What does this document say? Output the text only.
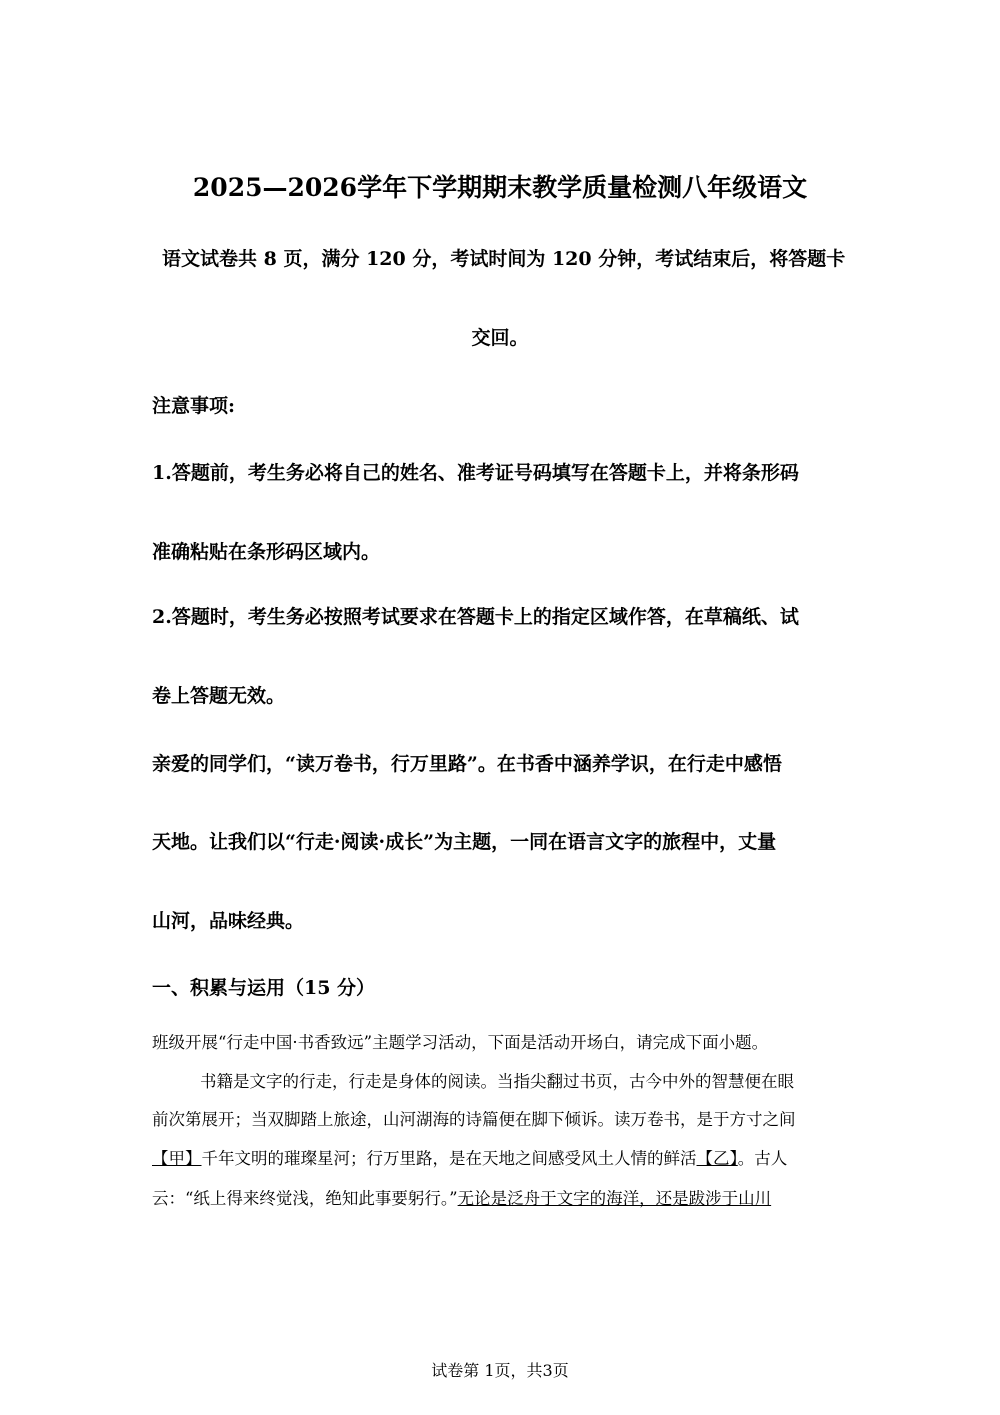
2025—2026学年下学期期末教学质量检测八年级语文
语文试卷共 8 页，满分 120 分，考试时间为 120 分钟，考试结束后，将答题卡
交回。
注意事项:
1.答题前，考生务必将自己的姓名、准考证号码填写在答题卡上，并将条形码
准确粘贴在条形码区域内。
2.答题时，考生务必按照考试要求在答题卡上的指定区域作答，在草稿纸、试
卷上答题无效。
亲爱的同学们，“读万卷书，行万里路”。在书香中涵养学识，在行走中感悟
天地。让我们以“行走·阅读·成长”为主题，一同在语言文字的旅程中，丈量
山河，品味经典。
一、积累与运用（15 分）
班级开展“行走中国·书香致远”主题学习活动，下面是活动开场白，请完成下面小题。
书籍是文字的行走，行走是身体的阅读。当指尖翻过书页，古今中外的智慧便在眼
前次第展开；当双脚踏上旅途，山河湖海的诗篇便在脚下倾诉。读万卷书，是于方寸之间
【甲】千年文明的璀璨星河；行万里路，是在天地之间感受风土人情的鲜活【乙】。古人
云：“纸上得来终觉浅，绝知此事要躬行。”无论是泛舟于文字的海洋，还是跋涉于山川
试卷第 1页，共3页
